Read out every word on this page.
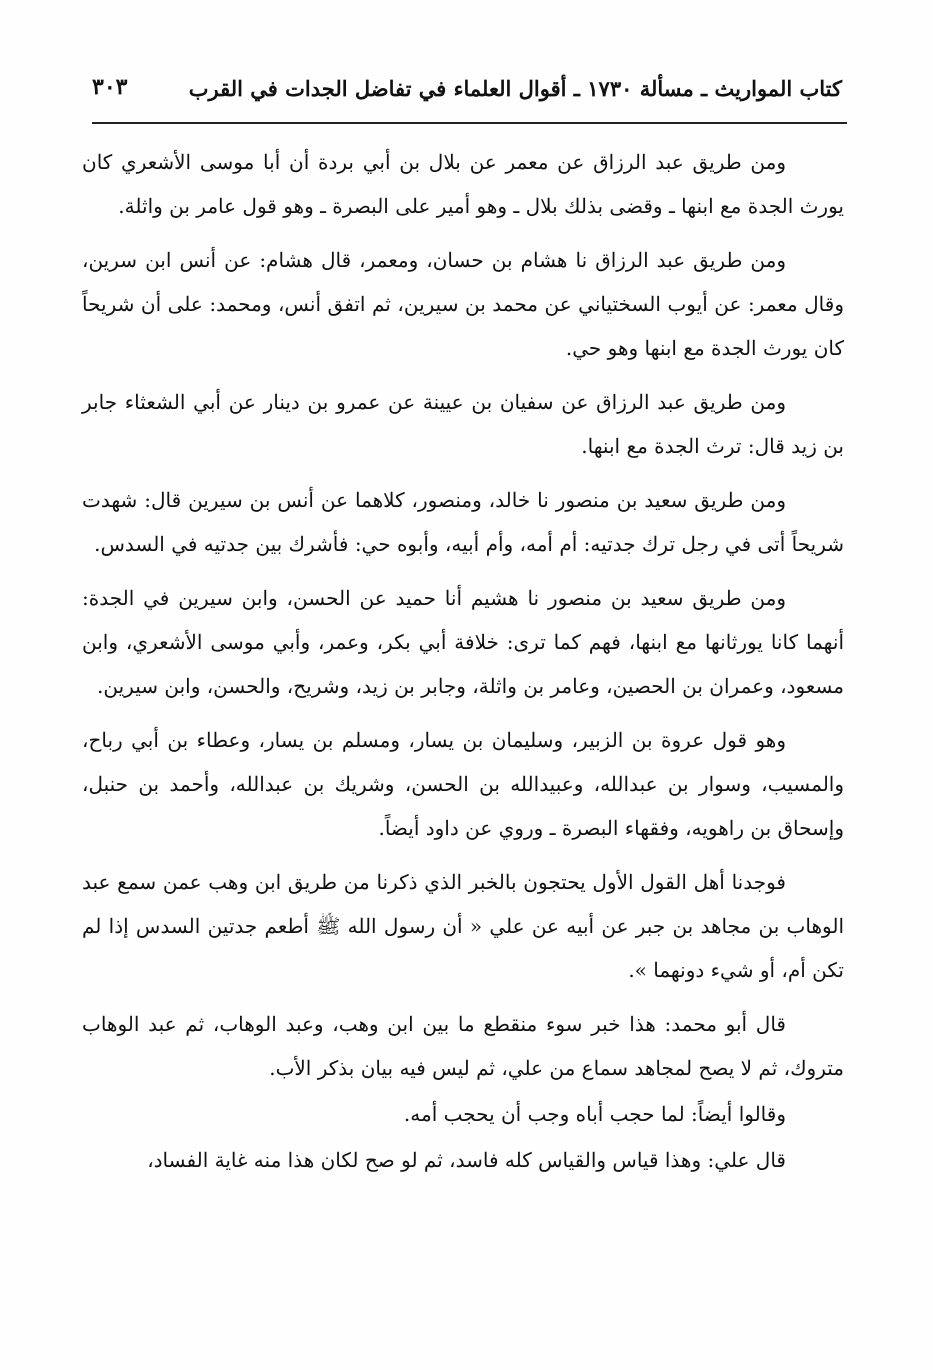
كتاب المواريث ـ مسألة ١٧٣٠ ـ أقوال العلماء في تفاضل الجدات في القرب
٣٠٣

ومن طريق عبد الرزاق عن معمر عن بلال بن أبي بردة أن أبا موسى الأشعري كان يورث الجدة مع ابنها ـ وقضى بذلك بلال ـ وهو أمير على البصرة ـ وهو قول عامر بن واثلة.

ومن طريق عبد الرزاق نا هشام بن حسان، ومعمر، قال هشام: عن أنس ابن سرين، وقال معمر: عن أيوب السختياني عن محمد بن سيرين، ثم اتفق أنس، ومحمد: على أن شريحاً كان يورث الجدة مع ابنها وهو حي.

ومن طريق عبد الرزاق عن سفيان بن عيينة عن عمرو بن دينار عن أبي الشعثاء جابر بن زيد قال: ترث الجدة مع ابنها.

ومن طريق سعيد بن منصور نا خالد، ومنصور، كلاهما عن أنس بن سيرين قال: شهدت شريحاً أتى في رجل ترك جدتيه: أم أمه، وأم أبيه، وأبوه حي: فأشرك بين جدتيه في السدس.

ومن طريق سعيد بن منصور نا هشيم أنا حميد عن الحسن، وابن سيرين في الجدة: أنهما كانا يورثانها مع ابنها، فهم كما ترى: خلافة أبي بكر، وعمر، وأبي موسى الأشعري، وابن مسعود، وعمران بن الحصين، وعامر بن واثلة، وجابر بن زيد، وشريح، والحسن، وابن سيرين.

وهو قول عروة بن الزبير، وسليمان بن يسار، ومسلم بن يسار، وعطاء بن أبي رباح، والمسيب، وسوار بن عبدالله، وعبيدالله بن الحسن، وشريك بن عبدالله، وأحمد بن حنبل، وإسحاق بن راهويه، وفقهاء البصرة ـ وروي عن داود أيضاً.

فوجدنا أهل القول الأول يحتجون بالخبر الذي ذكرنا من طريق ابن وهب عمن سمع عبد الوهاب بن مجاهد بن جبر عن أبيه عن علي « أن رسول الله ﷺ أطعم جدتين السدس إذا لم تكن أم، أو شيء دونهما ».

قال أبو محمد: هذا خبر سوء منقطع ما بين ابن وهب، وعبد الوهاب، ثم عبد الوهاب متروك، ثم لا يصح لمجاهد سماع من علي، ثم ليس فيه بيان بذكر الأب.

وقالوا أيضاً: لما حجب أباه وجب أن يحجب أمه.

قال علي: وهذا قياس والقياس كله فاسد، ثم لو صح لكان هذا منه غاية الفساد،
